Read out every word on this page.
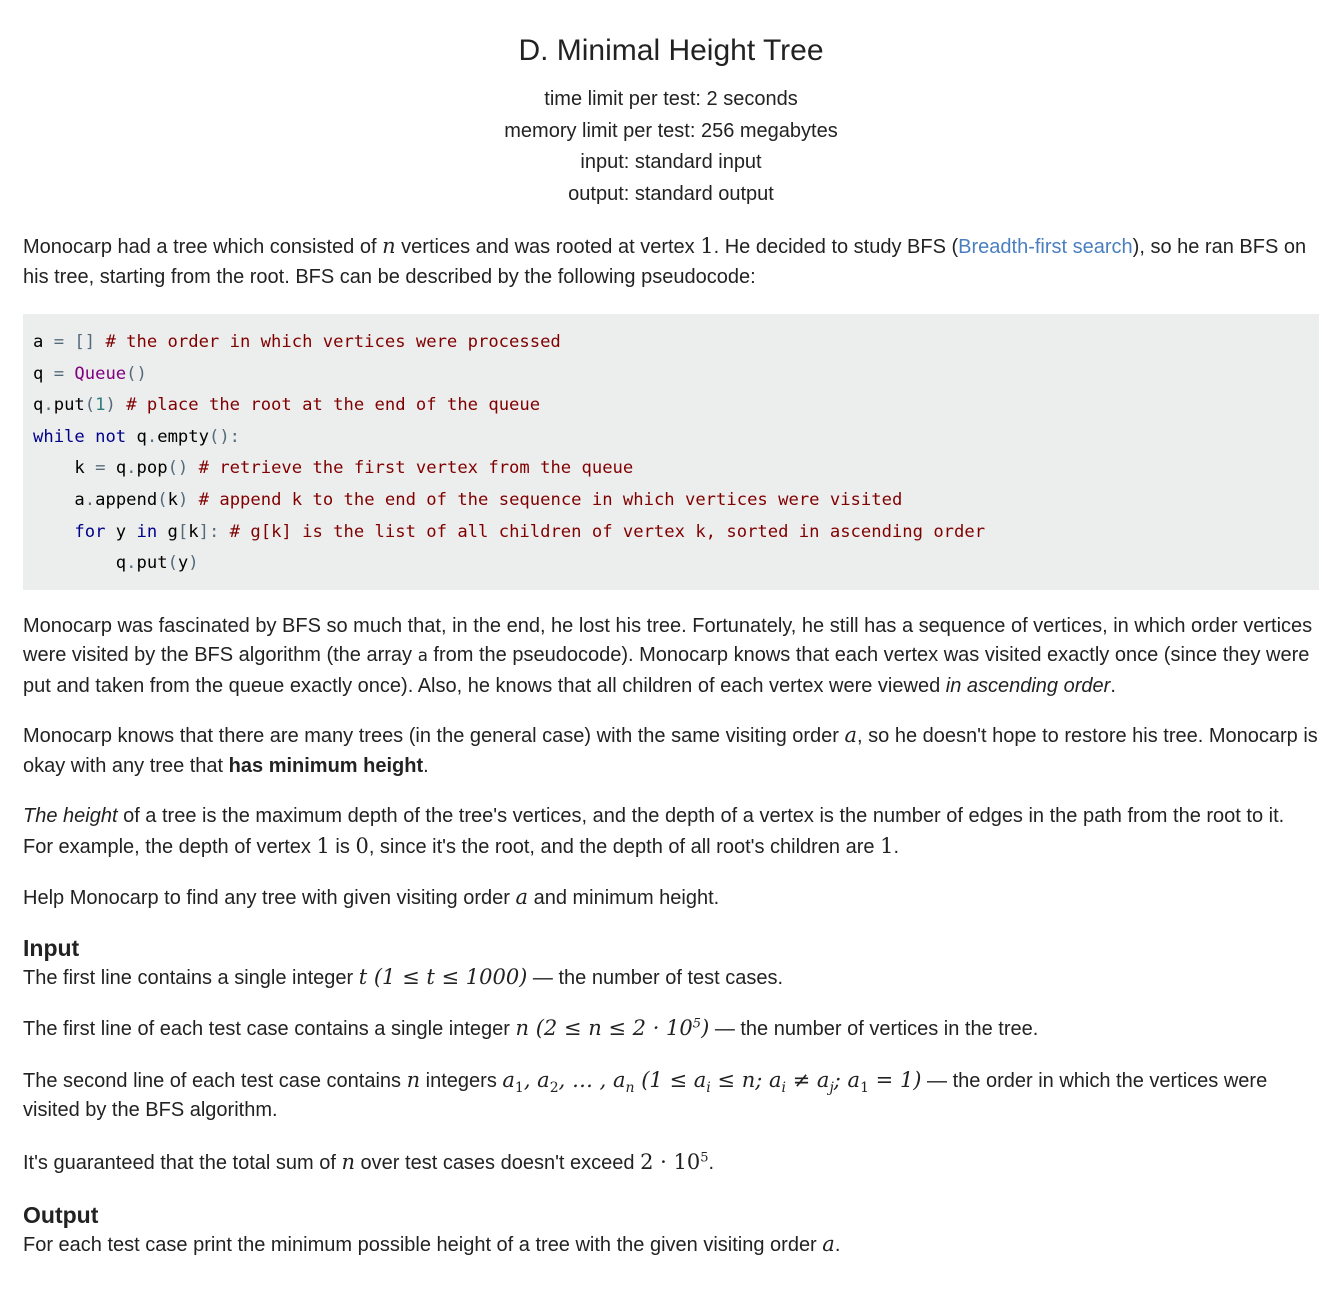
D. Minimal Height Tree
time limit per test: 2 seconds
memory limit per test: 256 megabytes
input: standard input
output: standard output

Monocarp had a tree which consisted of n vertices and was rooted at vertex 1. He decided to study BFS (Breadth-first search), so he ran BFS on his tree, starting from the root. BFS can be described by the following pseudocode:

a = [] # the order in which vertices were processed
q = Queue()
q.put(1) # place the root at the end of the queue
while not q.empty():
k = q.pop() # retrieve the first vertex from the queue
a.append(k) # append k to the end of the sequence in which vertices were visited
for y in g[k]: # g[k] is the list of all children of vertex k, sorted in ascending order
q.put(y)

Monocarp was fascinated by BFS so much that, in the end, he lost his tree. Fortunately, he still has a sequence of vertices, in which order vertices were visited by the BFS algorithm (the array a from the pseudocode). Monocarp knows that each vertex was visited exactly once (since they were put and taken from the queue exactly once). Also, he knows that all children of each vertex were viewed in ascending order.

Monocarp knows that there are many trees (in the general case) with the same visiting order a, so he doesn't hope to restore his tree. Monocarp is okay with any tree that has minimum height.

The height of a tree is the maximum depth of the tree's vertices, and the depth of a vertex is the number of edges in the path from the root to it. For example, the depth of vertex 1 is 0, since it's the root, and the depth of all root's children are 1.

Help Monocarp to find any tree with given visiting order a and minimum height.

Input

The first line contains a single integer t (1 ≤ t ≤ 1000) — the number of test cases.

The first line of each test case contains a single integer n $(2 \le n \le 2 \cdot 10^5)$ — the number of vertices in the tree.

The second line of each test case contains n integers $a_1$, $a_2$, … , $a_n$ ($1 \le a_i \le n$; $a_i \ne a_j$; $a_1 = 1$) — the order in which the vertices were visited by the BFS algorithm.

It's guaranteed that the total sum of n over test cases doesn't exceed $2 \cdot 10^5$.

Output

For each test case print the minimum possible height of a tree with the given visiting order a.
